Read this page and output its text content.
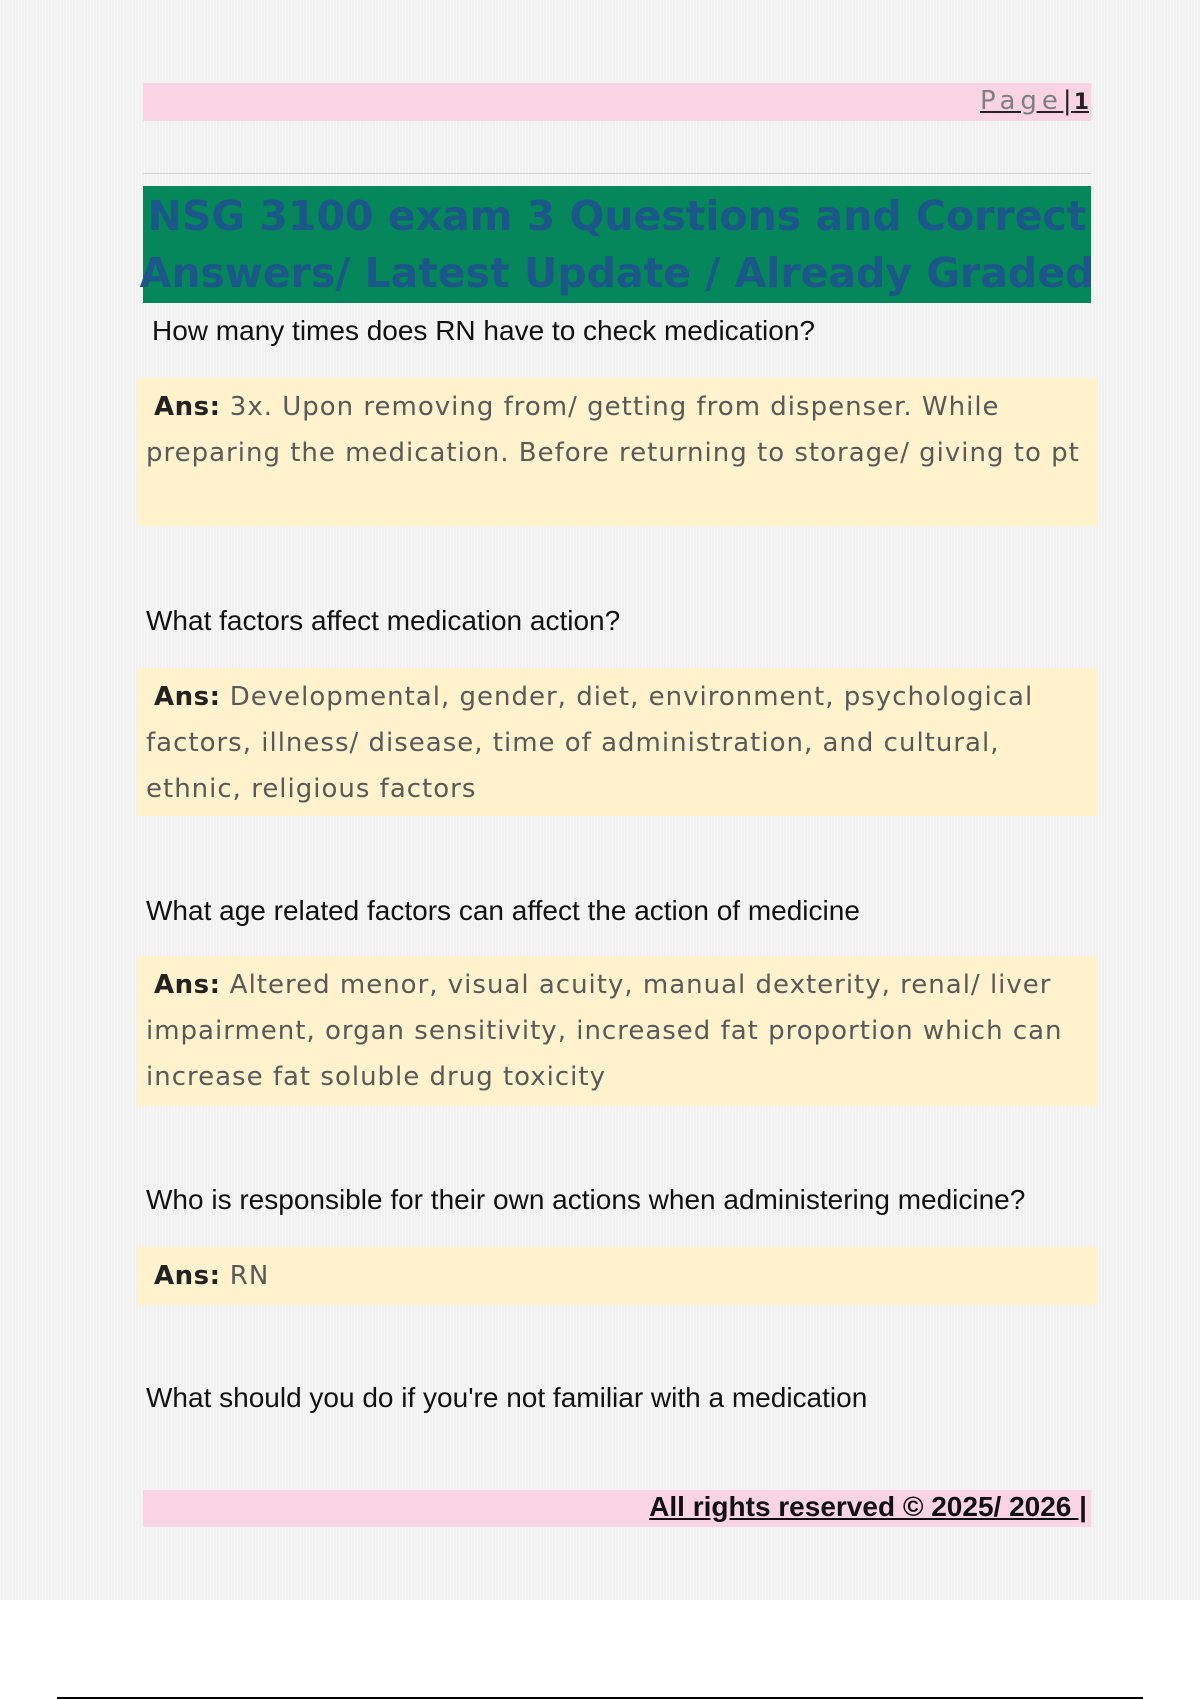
Page|1
NSG 3100 exam 3 Questions and Correct
Answers/ Latest Update / Already Graded
How many times does RN have to check medication?
Ans: 3x. Upon removing from/ getting from dispenser. While preparing the medication. Before returning to storage/ giving to pt
What factors affect medication action?
Ans: Developmental, gender, diet, environment, psychological factors, illness/ disease, time of administration, and cultural, ethnic, religious factors
What age related factors can affect the action of medicine
Ans: Altered menor, visual acuity, manual dexterity, renal/ liver impairment, organ sensitivity, increased fat proportion which can increase fat soluble drug toxicity
Who is responsible for their own actions when administering medicine?
Ans: RN
What should you do if you're not familiar with a medication
All rights reserved © 2025/ 2026 |
